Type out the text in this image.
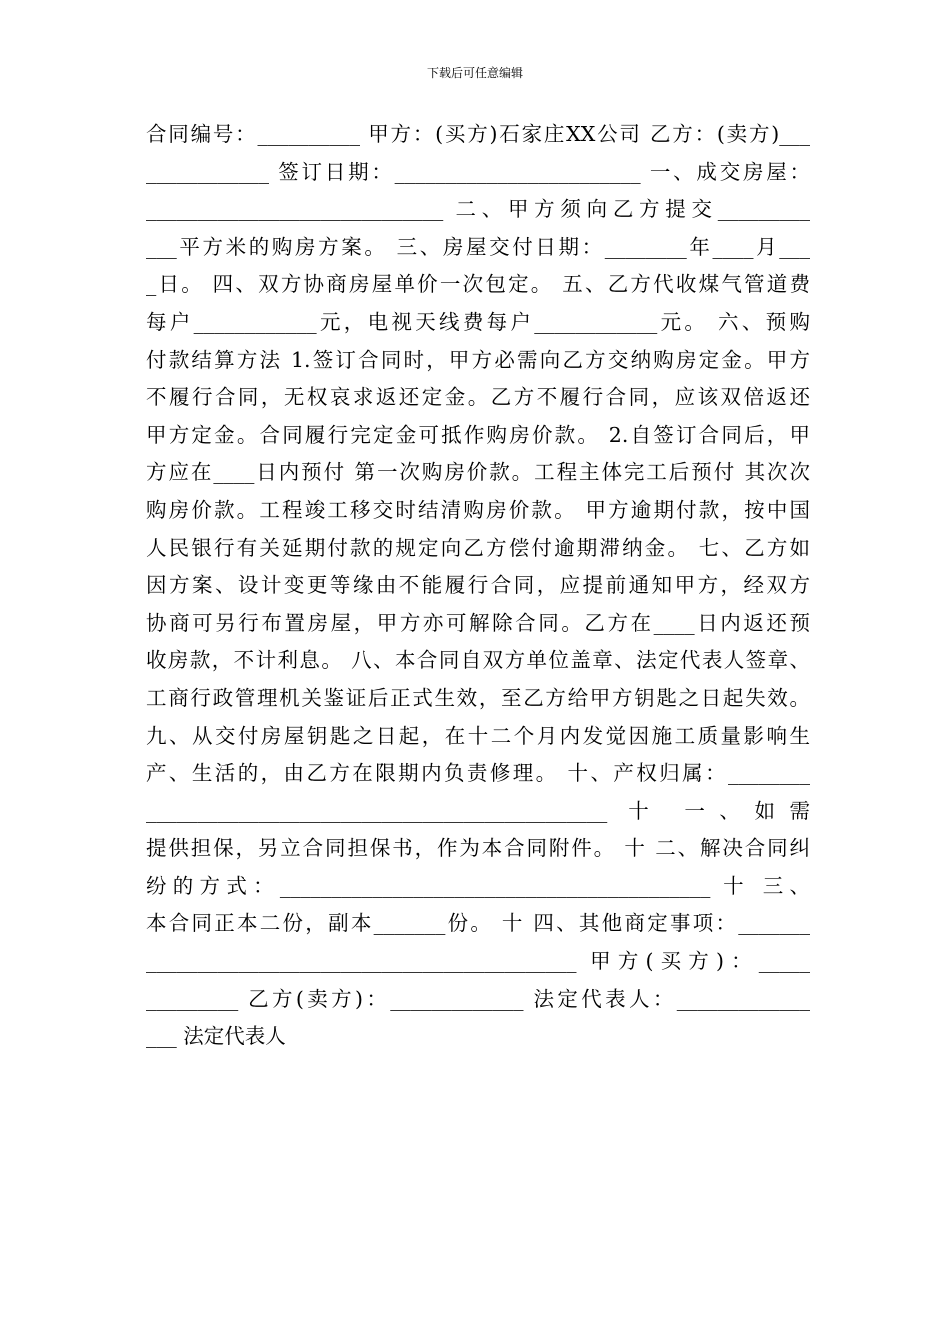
下载后可任意编辑
合同编号：__________ 甲方：(买方)石家庄XX公司 乙方：(卖方)___
____________ 签订日期：________________________ 一、成交房屋：
_____________________________ 二、甲方须向乙方提交_________
___平方米的购房方案。 三、房屋交付日期：________年____月___
_日。 四、双方协商房屋单价一次包定。 五、乙方代收煤气管道费
每户____________元，电视天线费每户____________元。 六、预购
付款结算方法 1.签订合同时，甲方必需向乙方交纳购房定金。甲方
不履行合同，无权哀求返还定金。乙方不履行合同，应该双倍返还
甲方定金。合同履行完定金可抵作购房价款。 2.自签订合同后，甲
方应在____日内预付 第一次购房价款。工程主体完工后预付 其次次
购房价款。工程竣工移交时结清购房价款。 甲方逾期付款，按中国
人民银行有关延期付款的规定向乙方偿付逾期滞纳金。 七、乙方如
因方案、设计变更等缘由不能履行合同，应提前通知甲方，经双方
协商可另行布置房屋，甲方亦可解除合同。乙方在____日内返还预
收房款，不计利息。 八、本合同自双方单位盖章、法定代表人签章、
工商行政管理机关鉴证后正式生效，至乙方给甲方钥匙之日起失效。
九、从交付房屋钥匙之日起，在十二个月内发觉因施工质量影响生
产、生活的，由乙方在限期内负责修理。 十、产权归属：________
_____________________________________________ 十 一、如需
提供担保，另立合同担保书，作为本合同附件。 十 二、解决合同纠
纷的方式：__________________________________________ 十 三、
本合同正本二份，副本_______份。 十 四、其他商定事项：_______
__________________________________________ 甲方(买方)：_____
_________ 乙方(卖方)：_____________ 法定代表人：_____________
___ 法定代表人
